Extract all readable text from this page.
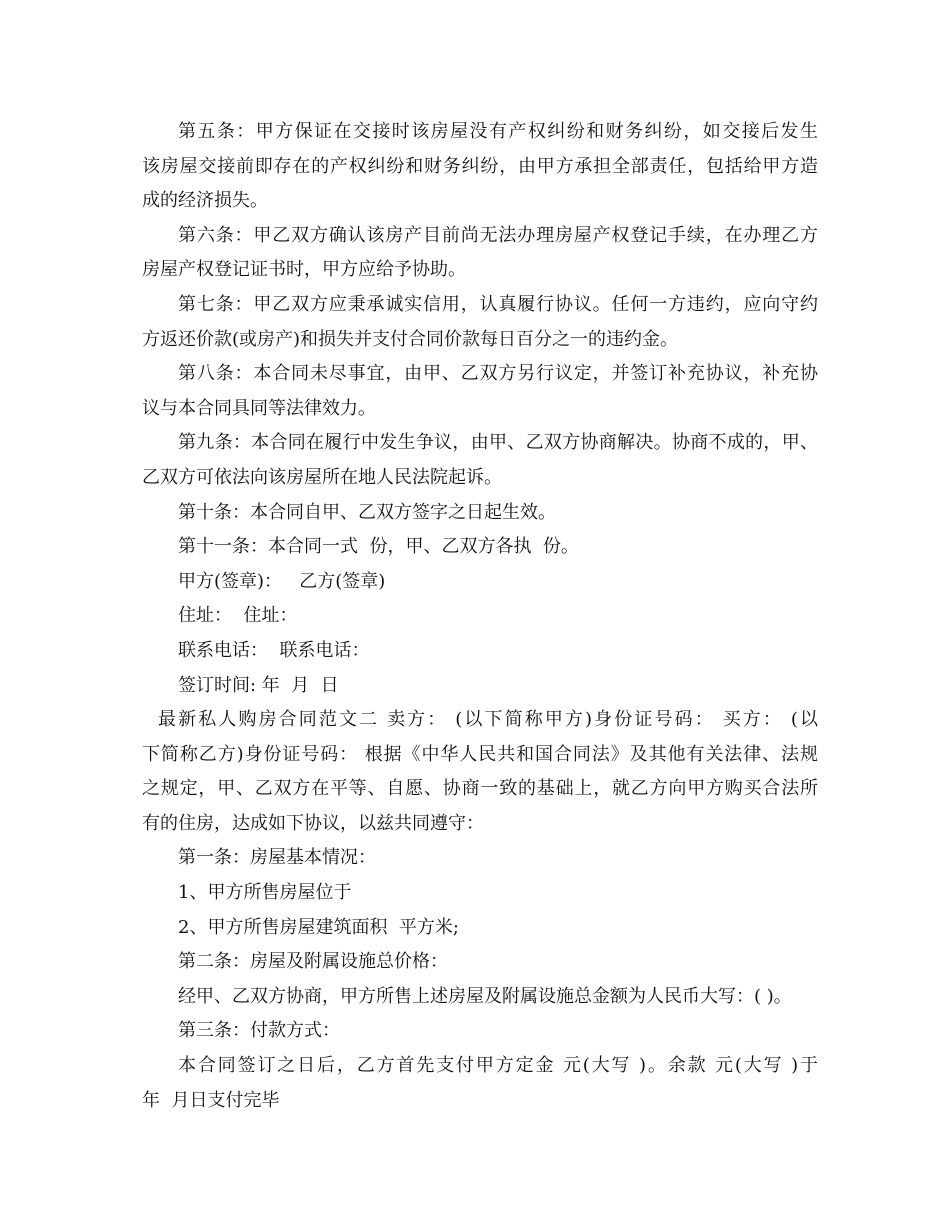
第五条：甲方保证在交接时该房屋没有产权纠纷和财务纠纷，如交接后发生
该房屋交接前即存在的产权纠纷和财务纠纷，由甲方承担全部责任，包括给甲方造
成的经济损失。
第六条：甲乙双方确认该房产目前尚无法办理房屋产权登记手续，在办理乙方
房屋产权登记证书时，甲方应给予协助。
第七条：甲乙双方应秉承诚实信用，认真履行协议。任何一方违约，应向守约
方返还价款(或房产)和损失并支付合同价款每日百分之一的违约金。
第八条：本合同未尽事宜，由甲、乙双方另行议定，并签订补充协议，补充协
议与本合同具同等法律效力。
第九条：本合同在履行中发生争议，由甲、乙双方协商解决。协商不成的，甲、
乙双方可依法向该房屋所在地人民法院起诉。
第十条：本合同自甲、乙双方签字之日起生效。
第十一条：本合同一式  份，甲、乙双方各执  份。
甲方(签章)：   乙方(签章)
住址：  住址：
联系电话：  联系电话：
签订时间: 年  月  日
最新私人购房合同范文二 卖方： (以下简称甲方)身份证号码： 买方： (以
下简称乙方)身份证号码： 根据《中华人民共和国合同法》及其他有关法律、法规
之规定，甲、乙双方在平等、自愿、协商一致的基础上，就乙方向甲方购买合法所
有的住房，达成如下协议，以兹共同遵守：
第一条：房屋基本情况：
1、甲方所售房屋位于
2、甲方所售房屋建筑面积  平方米;
第二条：房屋及附属设施总价格：
经甲、乙双方协商，甲方所售上述房屋及附属设施总金额为人民币大写：( )。
第三条：付款方式：
本合同签订之日后，乙方首先支付甲方定金 元(大写 )。余款 元(大写 )于
年  月日支付完毕
